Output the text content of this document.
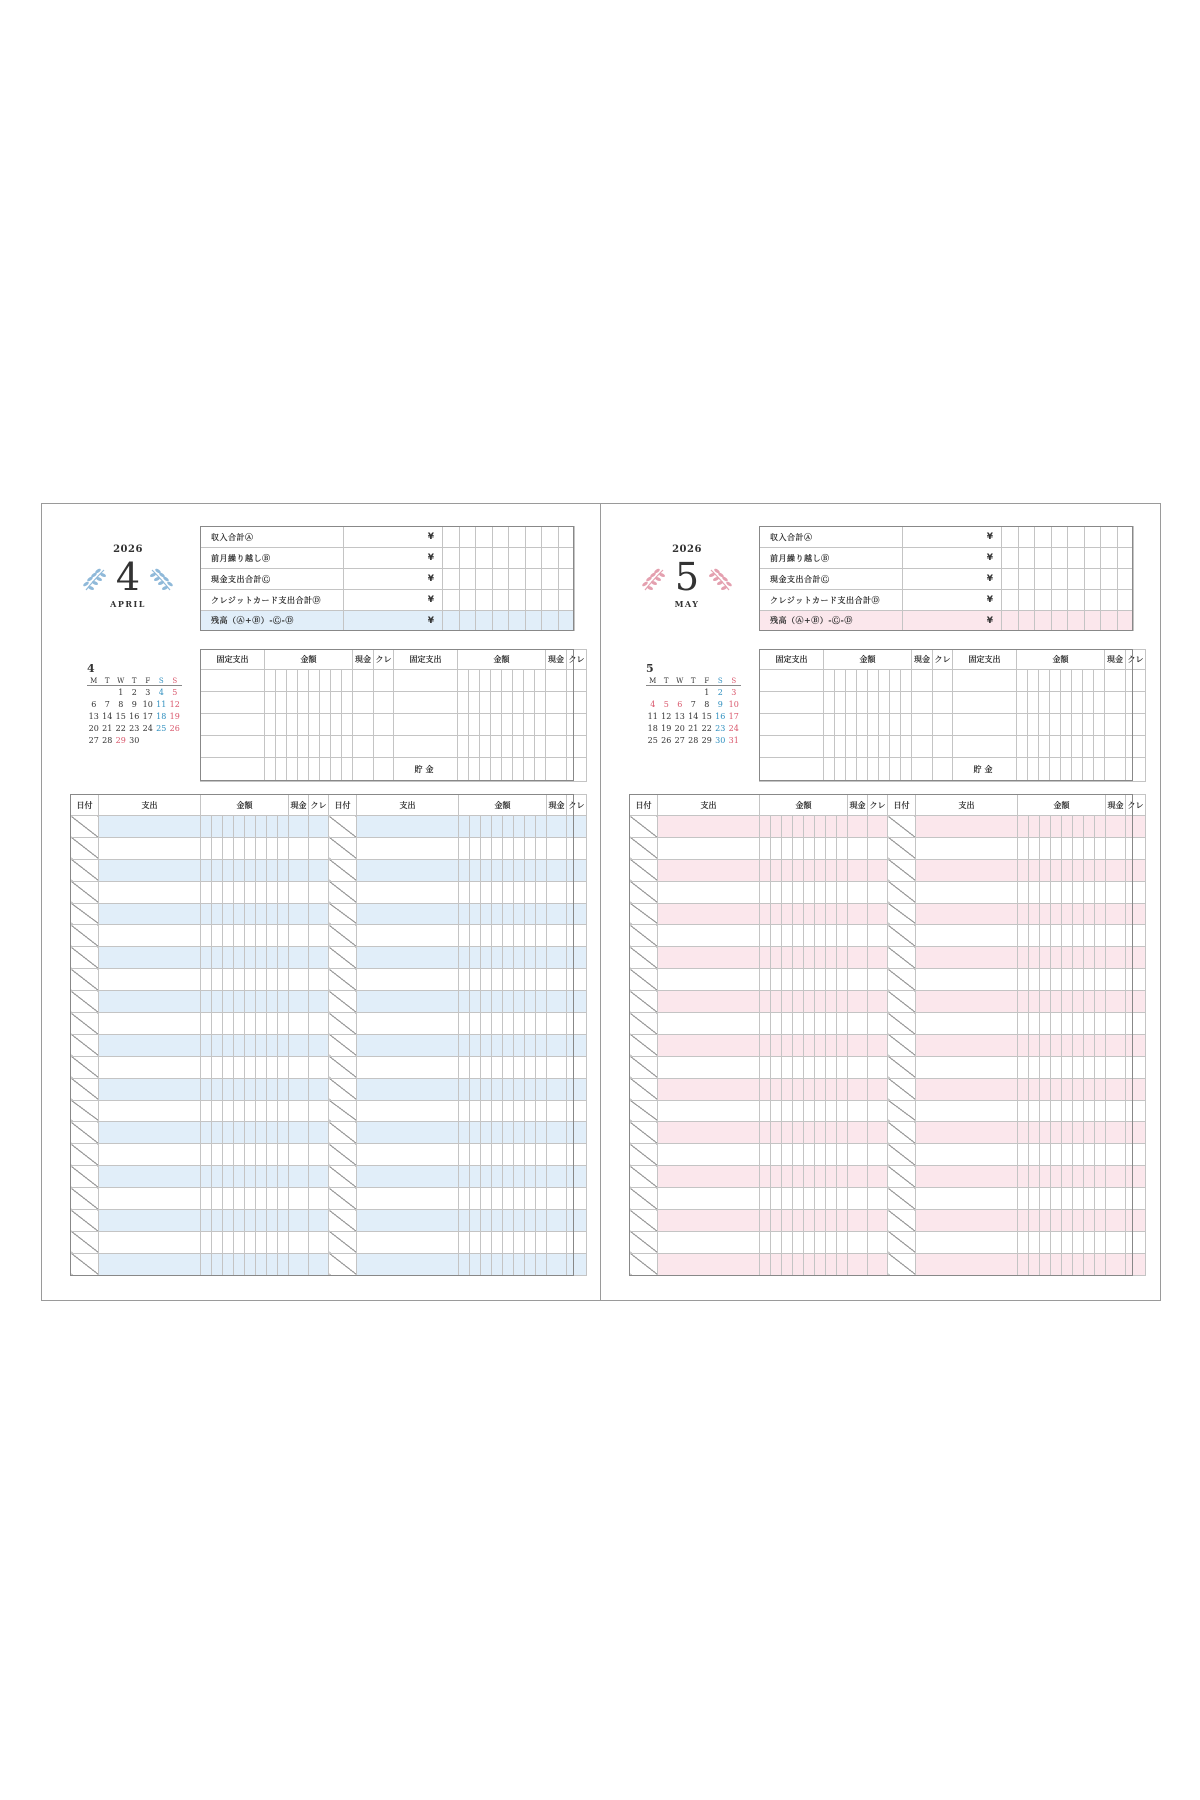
2026
4
APRIL
4
M	T	W	T	F	S	S
		1	2	3	4	5
6	7	8	9	10	11	12
13	14	15	16	17	18	19
20	21	22	23	24	25	26
27	28	29	30			
収入合計Ⓐ	¥								
前月繰り越しⒷ	¥								
現金支出合計Ⓒ	¥								
クレジットカード支出合計Ⓓ	¥								
残高（Ⓐ+Ⓑ）-Ⓒ-Ⓓ	¥								
固定支出	金額								現金	クレ	固定支出	金額								現金	クレ

											貯金										
日付	支出	金額								現金	クレ	日付	支出	金額								現金	クレ

2026
5
MAY
5
M	T	W	T	F	S	S
				1	2	3
4	5	6	7	8	9	10
11	12	13	14	15	16	17
18	19	20	21	22	23	24
25	26	27	28	29	30	31
収入合計Ⓐ	¥								
前月繰り越しⒷ	¥								
現金支出合計Ⓒ	¥								
クレジットカード支出合計Ⓓ	¥								
残高（Ⓐ+Ⓑ）-Ⓒ-Ⓓ	¥								
固定支出	金額								現金	クレ	固定支出	金額								現金	クレ

											貯金										
日付	支出	金額								現金	クレ	日付	支出	金額								現金	クレ
